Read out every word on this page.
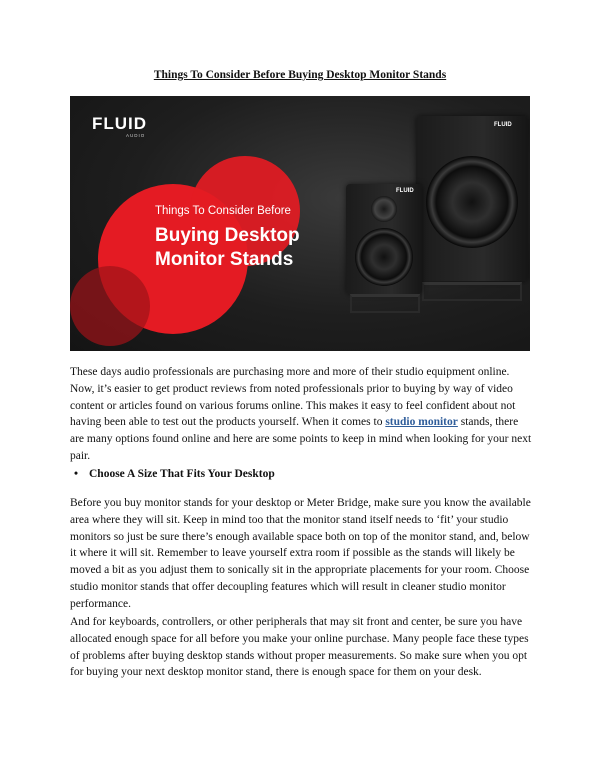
Things To Consider Before Buying Desktop Monitor Stands
FLUID
AUDIO
Things To Consider Before
Buying Desktop
Monitor Stands
FLUID
FLUID

These days audio professionals are purchasing more and more of their studio equipment online. Now, it’s easier to get product reviews from noted professionals prior to buying by way of video content or articles found on various forums online. This makes it easy to feel confident about not having been able to test out the products yourself. When it comes to studio monitor stands, there are many options found online and here are some points to keep in mind when looking for your next pair.

• Choose A Size That Fits Your Desktop

Before you buy monitor stands for your desktop or Meter Bridge, make sure you know the available area where they will sit. Keep in mind too that the monitor stand itself needs to ‘fit’ your studio monitors so just be sure there’s enough available space both on top of the monitor stand, and, below it where it will sit. Remember to leave yourself extra room if possible as the stands will likely be moved a bit as you adjust them to sonically sit in the appropriate placements for your room. Choose studio monitor stands that offer decoupling features which will result in cleaner studio monitor performance.

And for keyboards, controllers, or other peripherals that may sit front and center, be sure you have allocated enough space for all before you make your online purchase. Many people face these types of problems after buying desktop stands without proper measurements. So make sure when you opt for buying your next desktop monitor stand, there is enough space for them on your desk.
